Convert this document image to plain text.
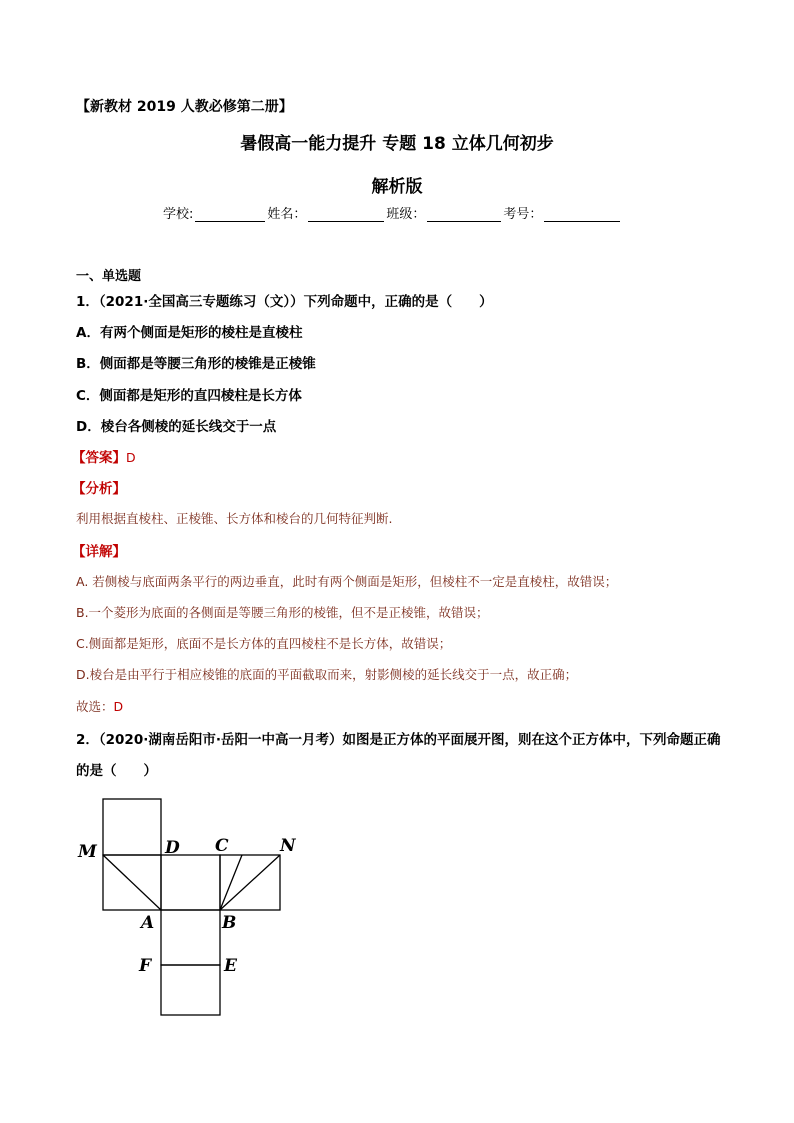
【新教材 2019 人教必修第二册】
暑假高一能力提升 专题 18 立体几何初步
解析版
学校:	姓名：	班级：	考号：
一、单选题
1．（2021·全国高三专题练习（文））下列命题中，正确的是（　　）
A．有两个侧面是矩形的棱柱是直棱柱
B．侧面都是等腰三角形的棱锥是正棱锥
C．侧面都是矩形的直四棱柱是长方体
D．棱台各侧棱的延长线交于一点
【答案】D
【分析】
利用根据直棱柱、正棱锥、长方体和棱台的几何特征判断.
【详解】
A. 若侧棱与底面两条平行的两边垂直，此时有两个侧面是矩形，但棱柱不一定是直棱柱，故错误；
B.一个菱形为底面的各侧面是等腰三角形的棱锥，但不是正棱锥，故错误；
C.侧面都是矩形，底面不是长方体的直四棱柱不是长方体，故错误；
D.棱台是由平行于相应棱锥的底面的平面截取而来，射影侧棱的延长线交于一点，故正确；
故选：D
2．（2020·湖南岳阳市·岳阳一中高一月考）如图是正方体的平面展开图，则在这个正方体中，下列命题正确
的是（　　）
M	D C	N
A	B
F	E
